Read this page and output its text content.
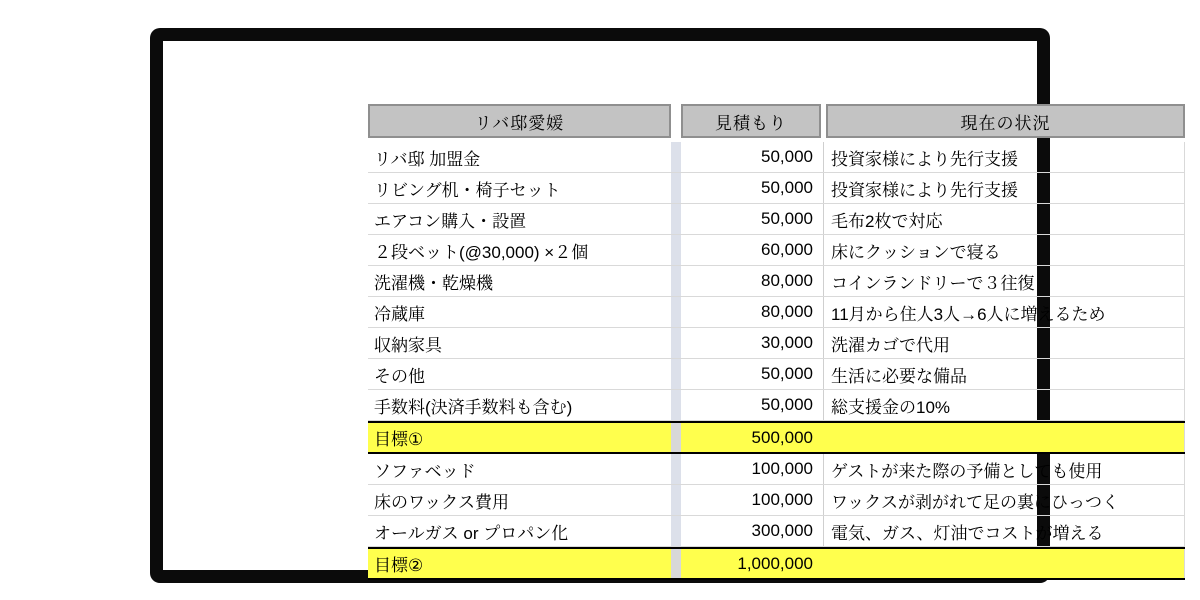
リバ邸愛媛	見積もり	現在の状況
リバ邸 加盟金	50,000	投資家様により先行支援
リビング机・椅子セット	50,000	投資家様により先行支援
エアコン購入・設置	50,000	毛布2枚で対応
２段ベット(@30,000) ×２個	60,000	床にクッションで寝る
洗濯機・乾燥機	80,000	コインランドリーで３往復
冷蔵庫	80,000	11月から住人3人→6人に増えるため
収納家具	30,000	洗濯カゴで代用
その他	50,000	生活に必要な備品
手数料(決済手数料も含む)	50,000	総支援金の10%
目標①	500,000
ソファベッド	100,000	ゲストが来た際の予備としても使用
床のワックス費用	100,000	ワックスが剥がれて足の裏にひっつく
オールガス or プロパン化	300,000	電気、ガス、灯油でコストが増える
目標②	1,000,000
